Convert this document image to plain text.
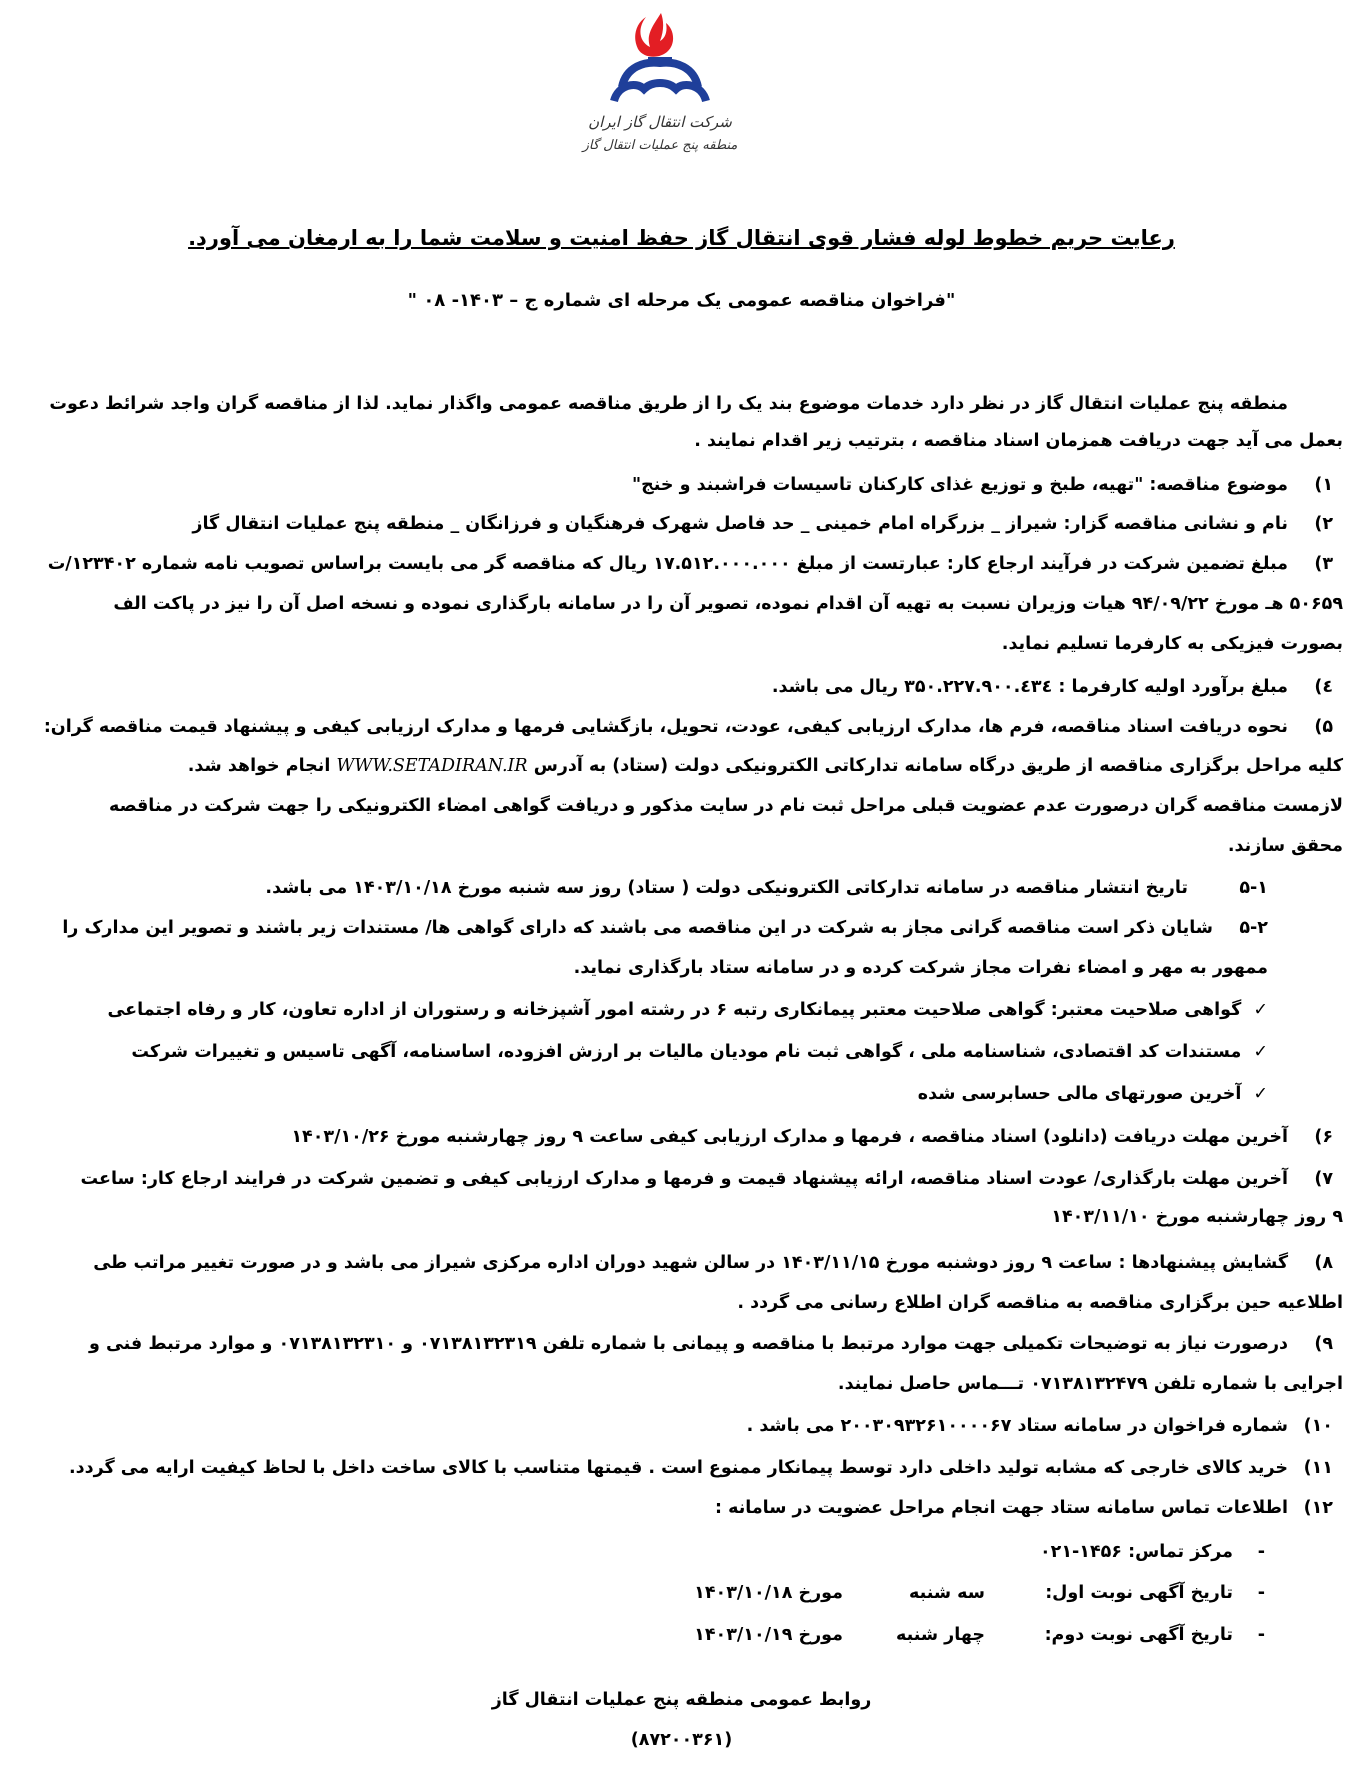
شرکت انتقال گاز ایران
منطقه پنج عملیات انتقال گاز
رعایت حریم خطوط لوله فشار قوی انتقال گاز حفظ امنیت و سلامت شما را به ارمغان می آورد.
"فراخوان مناقصه عمومی یک مرحله ای شماره ج – ۱۴۰۳- ۰۸ "
منطقه پنج عملیات انتقال گاز در نظر دارد خدمات موضوع بند یک را از طریق مناقصه عمومی واگذار نماید. لذا از مناقصه گران واجد شرائط دعوت
بعمل می آید جهت دریافت همزمان اسناد مناقصه ، بترتیب زیر اقدام نمایند .
۱)
موضوع مناقصه: "تهیه، طبخ و توزیع غذای کارکنان تاسیسات فراشبند و خنج"
۲)
نام و نشانی مناقصه گزار: شیراز _ بزرگراه امام خمینی _ حد فاصل شهرک فرهنگیان و فرزانگان _ منطقه پنج عملیات انتقال گاز
۳)
مبلغ تضمین شرکت در فرآیند ارجاع کار: عبارتست از مبلغ ۱۷.۵۱۲.۰۰۰.۰۰۰ ریال که مناقصه گر می بایست براساس تصویب نامه شماره ۱۲۳۴۰۲/ت
۵۰۶۵۹ هـ مورخ ۹۴/۰۹/۲۲ هیات وزیران نسبت به تهیه آن اقدام نموده، تصویر آن را در سامانه بارگذاری نموده و نسخه اصل آن را نیز در پاکت الف
بصورت فیزیکی به کارفرما تسلیم نماید.
٤)
مبلغ برآورد اولیه کارفرما : ۳۵۰.۲۲۷.۹۰۰.٤۳٤ ریال می باشد.
۵)
نحوه دریافت اسناد مناقصه، فرم ها، مدارک ارزیابی کیفی، عودت، تحویل، بازگشایی فرمها و مدارک ارزیابی کیفی و پیشنهاد قیمت مناقصه گران:
کلیه مراحل برگزاری مناقصه از طریق درگاه سامانه تدارکاتی الکترونیکی دولت (ستاد) به آدرس WWW.SETADIRAN.IR انجام خواهد شد.
لازمست مناقصه گران درصورت عدم عضویت قبلی مراحل ثبت نام در سایت مذکور و دریافت گواهی امضاء الکترونیکی را جهت شرکت در مناقصه
محقق سازند.
۵-۱
تاریخ انتشار مناقصه در سامانه تدارکاتی الکترونیکی دولت ( ستاد) روز سه شنبه مورخ ۱۴۰۳/۱۰/۱۸ می باشد.
۵-۲
شایان ذکر است مناقصه گرانی مجاز به شرکت در این مناقصه می باشند که دارای گواهی ها/ مستندات زیر باشند و تصویر این مدارک را
ممهور به مهر و امضاء نفرات مجاز شرکت کرده و در سامانه ستاد بارگذاری نماید.
✓گواهی صلاحیت معتبر: گواهی صلاحیت معتبر پیمانکاری رتبه ۶ در رشته امور آشپزخانه و رستوران از اداره تعاون، کار و رفاه اجتماعی
✓مستندات کد اقتصادی، شناسنامه ملی ، گواهی ثبت نام مودیان مالیات بر ارزش افزوده، اساسنامه، آگهی تاسیس و تغییرات شرکت
✓آخرین صورتهای مالی حسابرسی شده
۶)
آخرین مهلت دریافت (دانلود) اسناد مناقصه ، فرمها و مدارک ارزیابی کیفی ساعت ۹ روز چهارشنبه مورخ ۱۴۰۳/۱۰/۲۶
۷)
آخرین مهلت بارگذاری/ عودت اسناد مناقصه، ارائه پیشنهاد قیمت و فرمها و مدارک ارزیابی کیفی و تضمین شرکت در فرایند ارجاع کار: ساعت
۹ روز چهارشنبه مورخ ۱۴۰۳/۱۱/۱۰
۸)
گشایش پیشنهادها : ساعت ۹ روز دوشنبه مورخ ۱۴۰۳/۱۱/۱۵ در سالن شهید دوران اداره مرکزی شیراز می باشد و در صورت تغییر مراتب طی
اطلاعیه حین برگزاری مناقصه به مناقصه گران اطلاع رسانی می گردد .
۹)
درصورت نیاز به توضیحات تکمیلی جهت موارد مرتبط با مناقصه و پیمانی با شماره تلفن ۰۷۱۳۸۱۳۲۳۱۹ و ۰۷۱۳۸۱۳۲۳۱۰ و موارد مرتبط فنی و
اجرایی با شماره تلفن ۰۷۱۳۸۱۳۲۴۷۹ تـــماس حاصل نمایند.
۱۰)
شماره فراخوان در سامانه ستاد ۲۰۰۳۰۹۳۲۶۱۰۰۰۰۶۷ می باشد .
۱۱)
خرید کالای خارجی که مشابه تولید داخلی دارد توسط پیمانکار ممنوع است . قیمتها متناسب با کالای ساخت داخل با لحاظ کیفیت ارایه می گردد.
۱۲)
اطلاعات تماس سامانه ستاد جهت انجام مراحل عضویت در سامانه :
-
مرکز تماس: ۱۴۵۶-۰۲۱
-
تاریخ آگهی نوبت اول:
سه شنبه
مورخ ۱۴۰۳/۱۰/۱۸
-
تاریخ آگهی نوبت دوم:
چهار شنبه
مورخ ۱۴۰۳/۱۰/۱۹
روابط عمومی منطقه پنج عملیات انتقال گاز
(۸۷۲۰۰۳۶۱)
